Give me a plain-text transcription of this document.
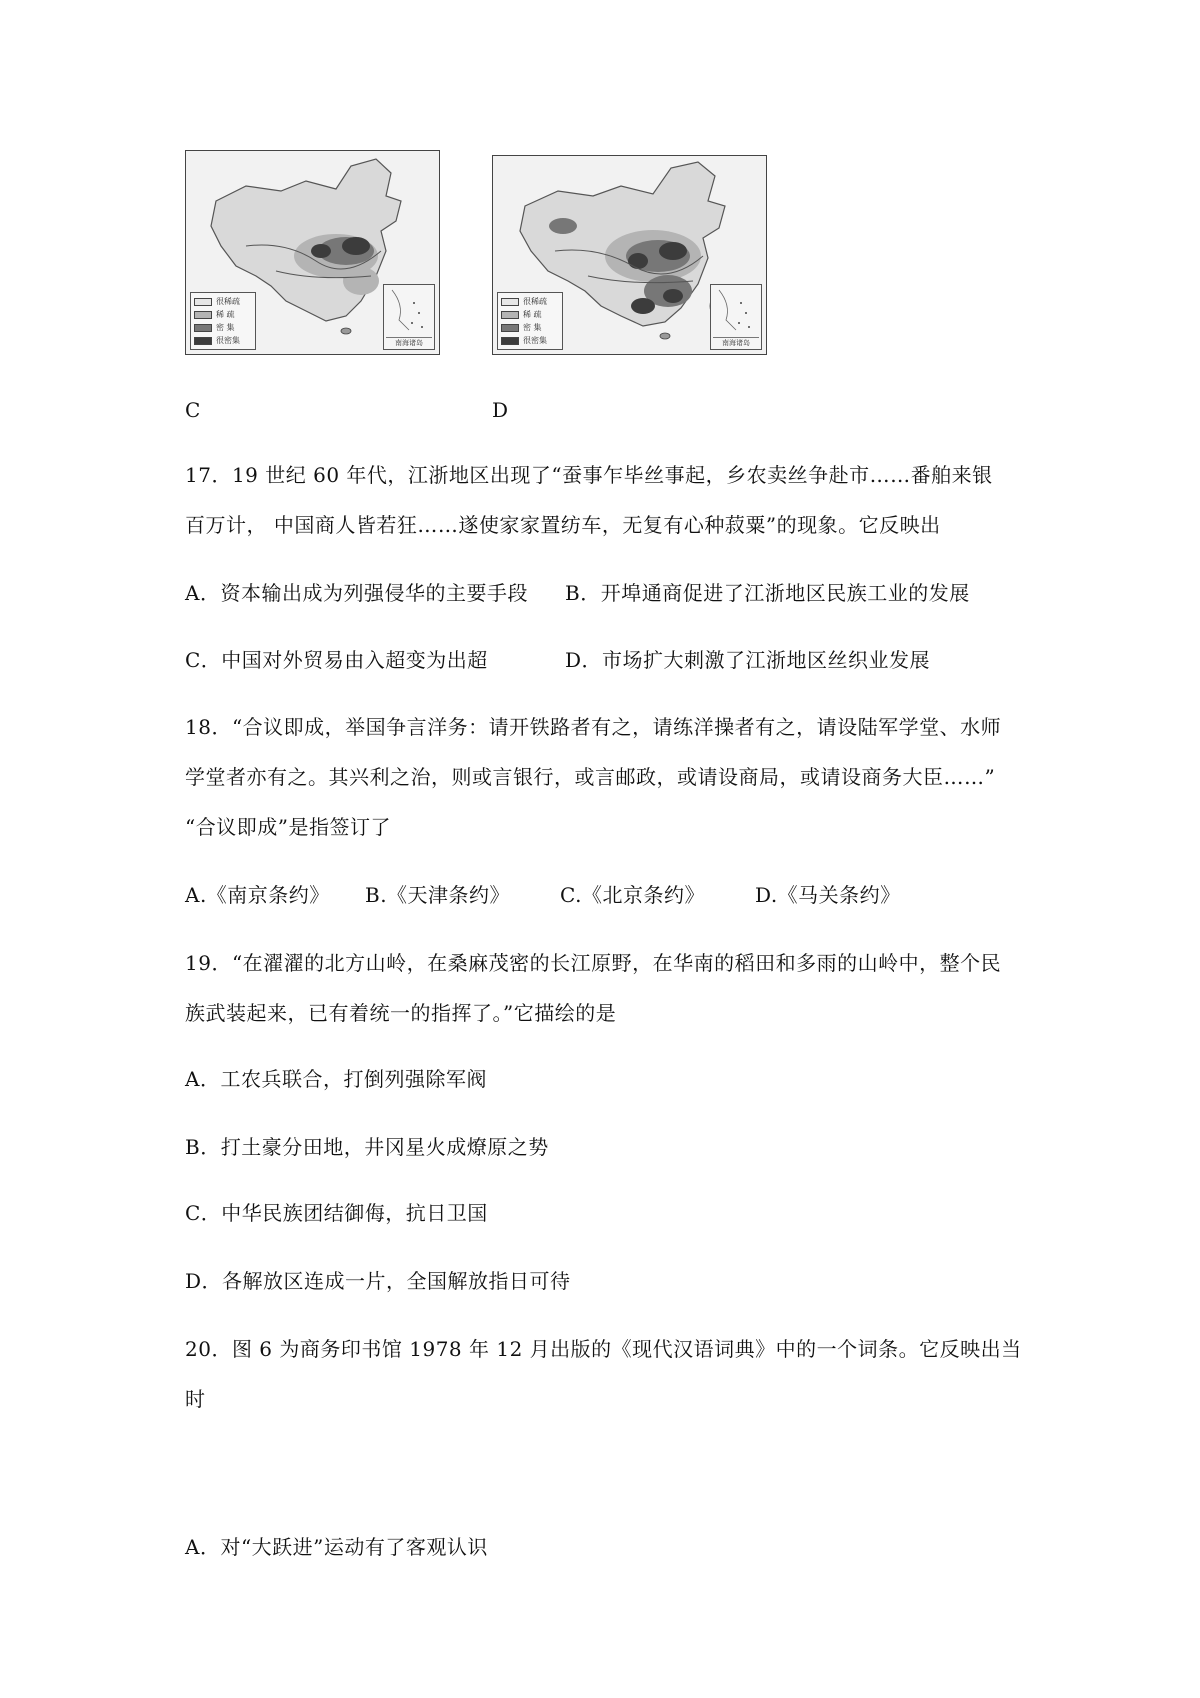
很稀疏
稀 疏
密 集
很密集	南海诸岛
很稀疏
稀 疏
密 集
很密集	南海诸岛
C	D
17．19 世纪 60 年代，江浙地区出现了“蚕事乍毕丝事起，乡农卖丝争赴市……番舶来银
百万计， 中国商人皆若狂……遂使家家置纺车，无复有心种菽粟”的现象。它反映出
A．资本输出成为列强侵华的主要手段 B．开埠通商促进了江浙地区民族工业的发展
C．中国对外贸易由入超变为出超	D．市场扩大刺激了江浙地区丝织业发展
18．“合议即成，举国争言洋务：请开铁路者有之，请练洋操者有之，请设陆军学堂、水师
学堂者亦有之。其兴利之治，则或言银行，或言邮政，或请设商局，或请设商务大臣……”
“合议即成”是指签订了
A.《南京条约》 B.《天津条约》 C.《北京条约》	D.《马关条约》
19．“在濯濯的北方山岭，在桑麻茂密的长江原野，在华南的稻田和多雨的山岭中，整个民
族武装起来，已有着统一的指挥了。”它描绘的是
A．工农兵联合，打倒列强除军阀
B．打土豪分田地，井冈星火成燎原之势
C．中华民族团结御侮，抗日卫国
D．各解放区连成一片，全国解放指日可待
20．图 6 为商务印书馆 1978 年 12 月出版的《现代汉语词典》中的一个词条。它反映出当
时
A．对“大跃进”运动有了客观认识
